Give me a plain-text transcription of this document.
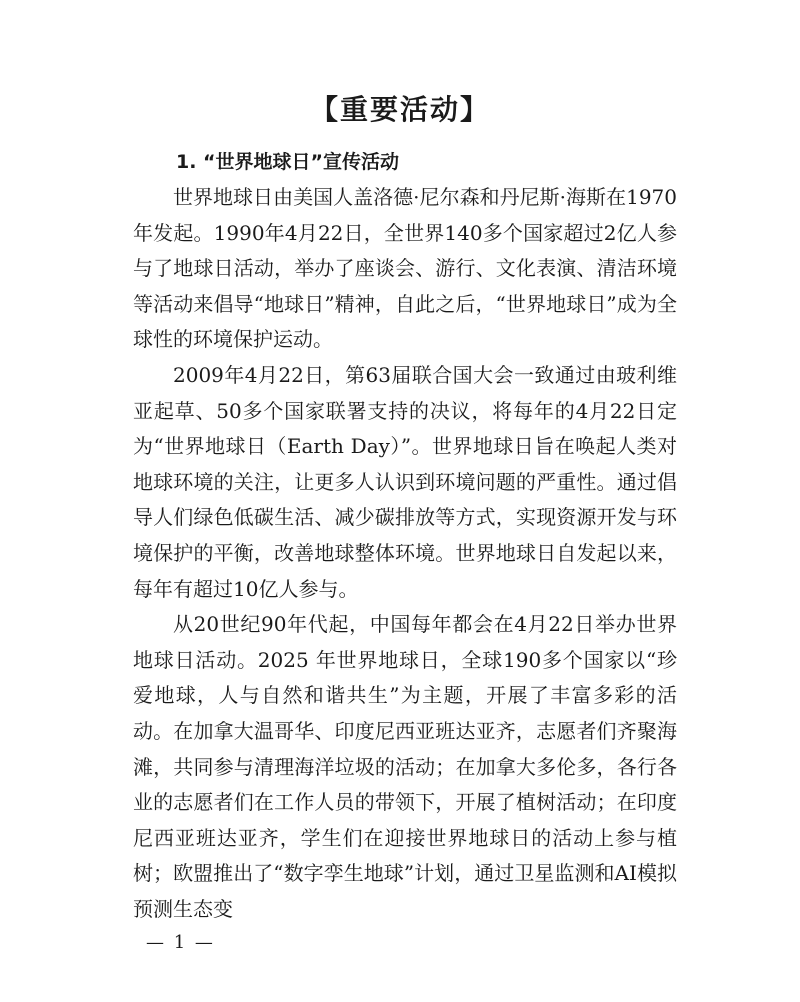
【重要活动】
1. “世界地球日”宣传活动

世界地球日由美国人盖洛德·尼尔森和丹尼斯·海斯在1970年发起。1990年4月22日，全世界140多个国家超过2亿人参与了地球日活动，举办了座谈会、游行、文化表演、清洁环境等活动来倡导“地球日”精神，自此之后，“世界地球日”成为全球性的环境保护运动。

2009年4月22日，第63届联合国大会一致通过由玻利维亚起草、50多个国家联署支持的决议，将每年的4月22日定为“世界地球日（Earth Day）”。世界地球日旨在唤起人类对地球环境的关注，让更多人认识到环境问题的严重性。通过倡导人们绿色低碳生活、减少碳排放等方式，实现资源开发与环境保护的平衡，改善地球整体环境。世界地球日自发起以来，每年有超过10亿人参与。

从20世纪90年代起，中国每年都会在4月22日举办世界地球日活动。2025 年世界地球日，全球190多个国家以“珍爱地球，人与自然和谐共生”为主题，开展了丰富多彩的活动。在加拿大温哥华、印度尼西亚班达亚齐，志愿者们齐聚海滩，共同参与清理海洋垃圾的活动；在加拿大多伦多，各行各业的志愿者们在工作人员的带领下，开展了植树活动；在印度尼西亚班达亚齐，学生们在迎接世界地球日的活动上参与植树；欧盟推出了“数字孪生地球”计划，通过卫星监测和AI模拟预测生态变

— 1 —
